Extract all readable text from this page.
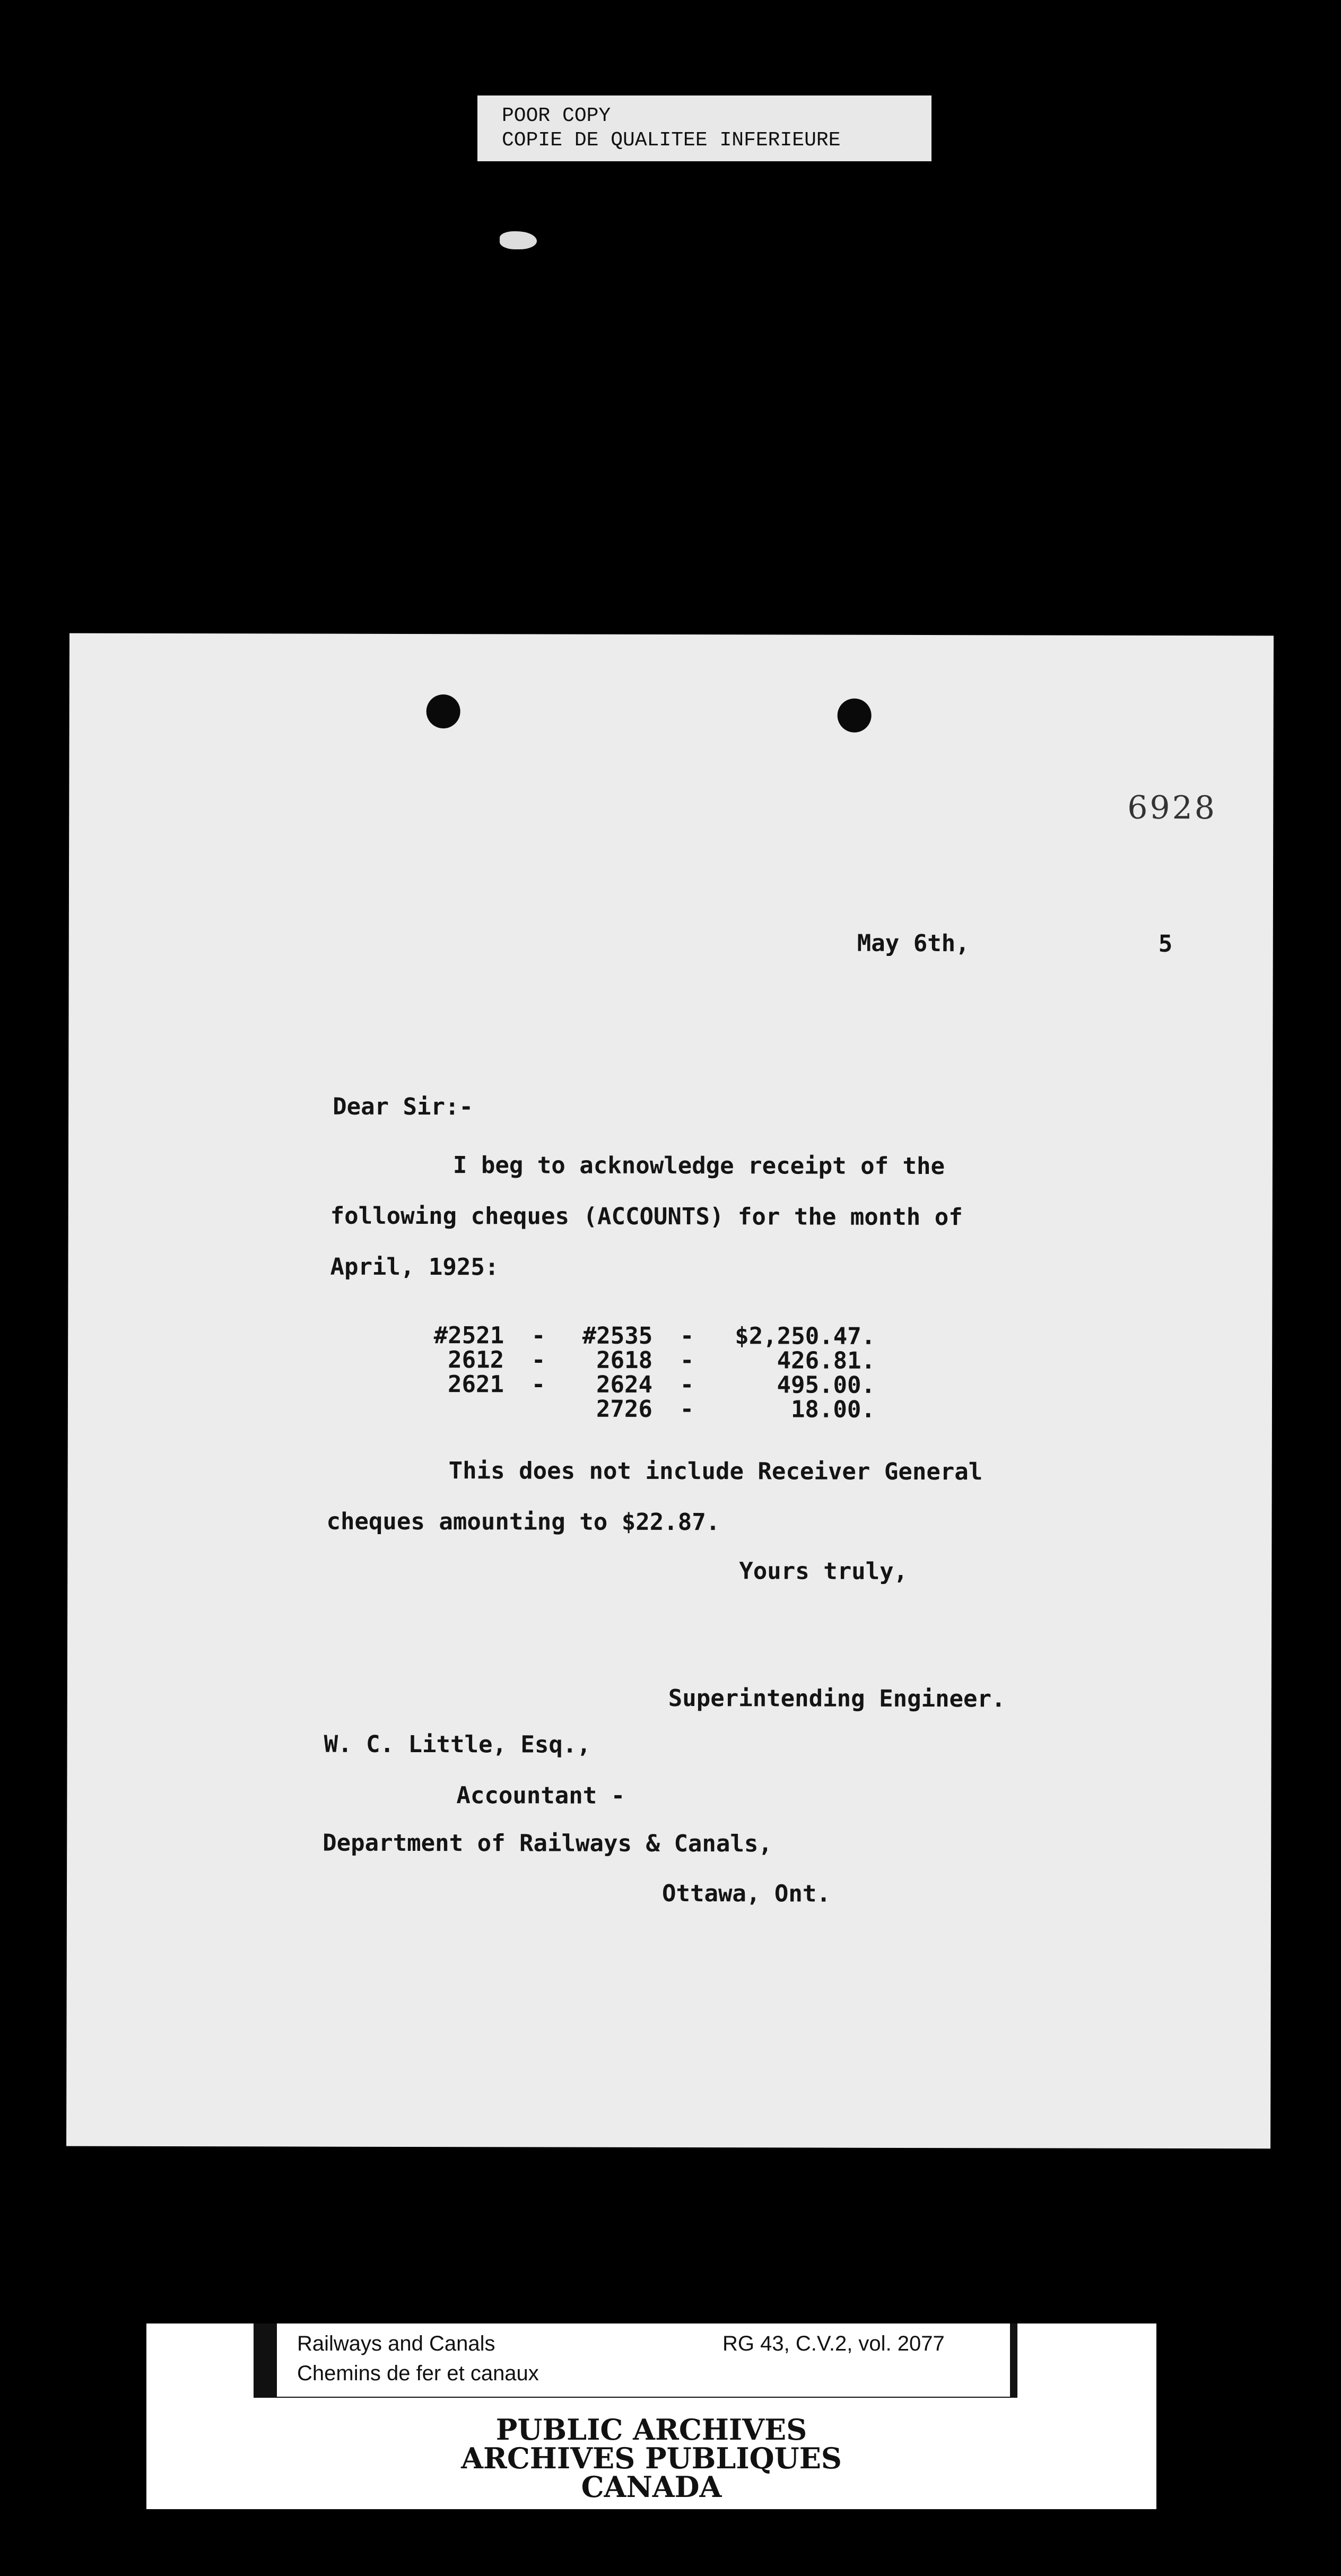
POOR COPY
COPIE DE QUALITEE INFERIEURE
6928
May 6th,	5
Dear Sir:-
I beg to acknowledge receipt of the
following cheques (ACCOUNTS) for the month of
April, 1925:
#2521	-	#2535	-	$2,250.47.
2612	-	2618	-	426.81.
2621	-	2624	-	495.00.
		2726	-	18.00.
This does not include Receiver General
cheques amounting to $22.87.
Yours truly,
Superintending Engineer.
W. C. Little, Esq.,
Accountant -
Department of Railways & Canals,
Ottawa, Ont.
Railways and Canals
Chemins de fer et canaux
RG 43, C.V.2, vol. 2077
PUBLIC ARCHIVES
ARCHIVES PUBLIQUES
CANADA
